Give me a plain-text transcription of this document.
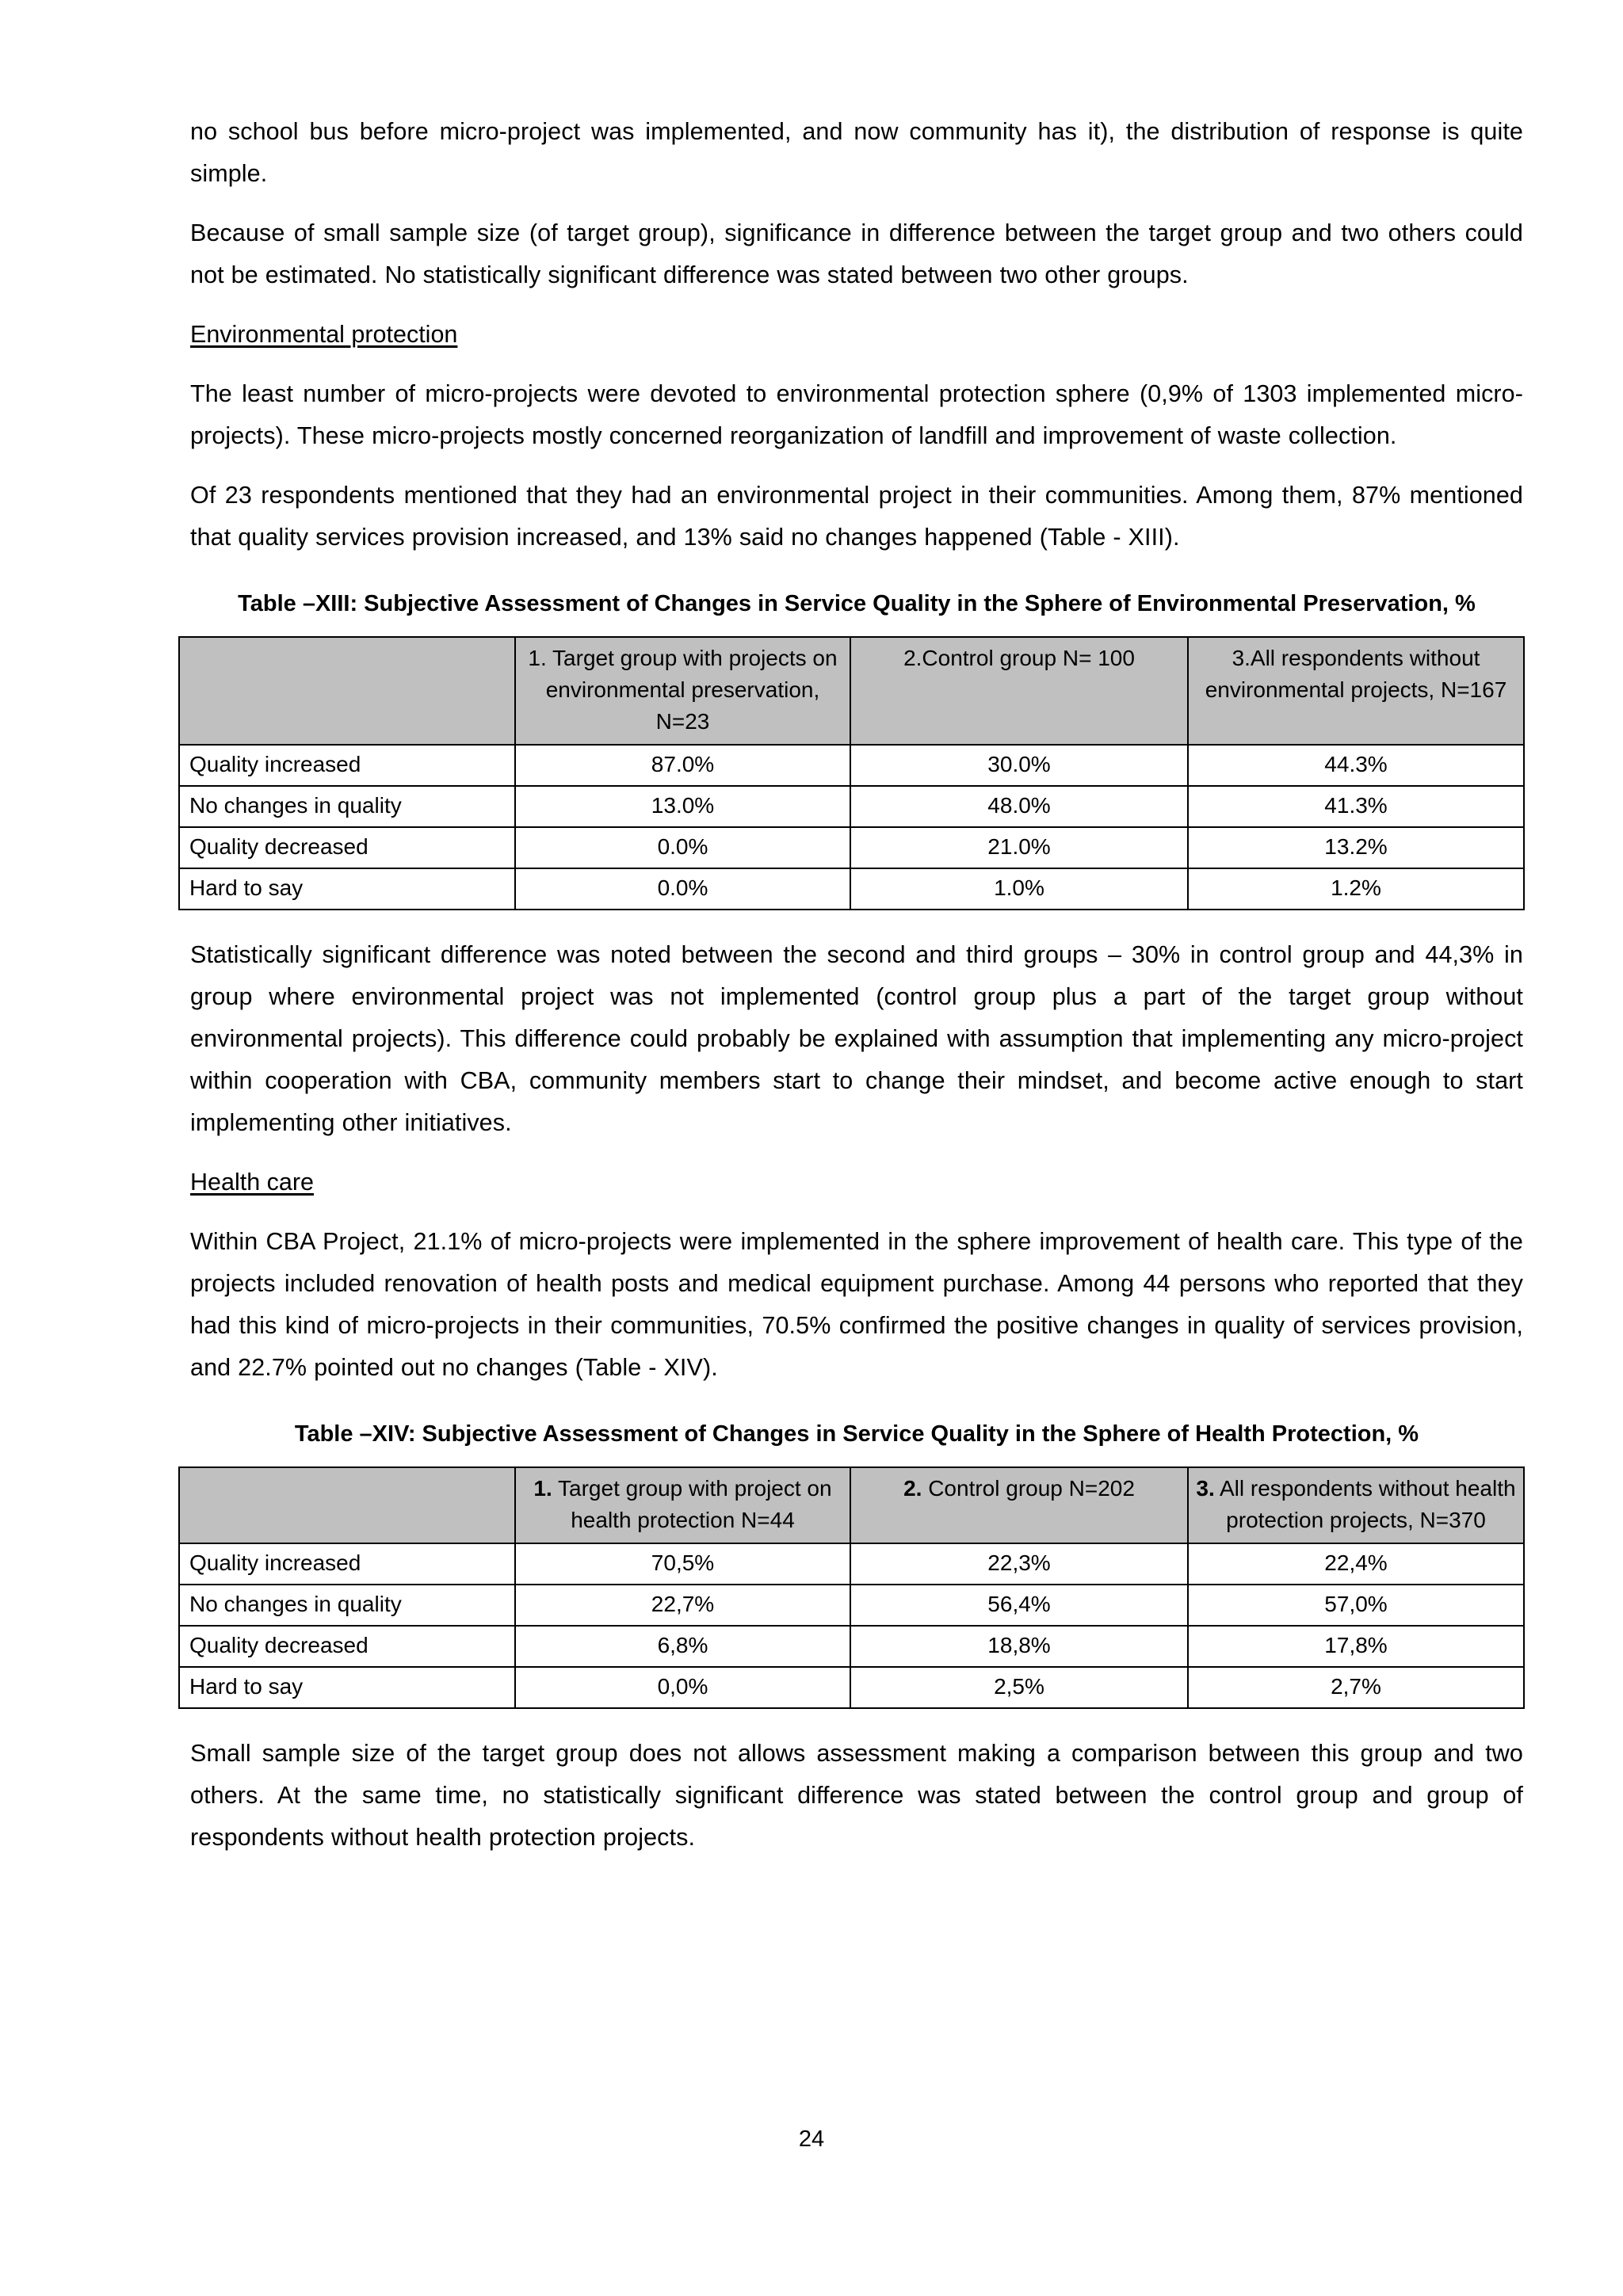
no school bus before micro-project was implemented, and now community has it), the distribution of response is quite simple.

Because of small sample size (of target group), significance in difference between the target group and two others could not be estimated. No statistically significant difference was stated between two other groups.

Environmental protection

The least number of micro-projects were devoted to environmental protection sphere (0,9% of 1303 implemented micro-projects). These micro-projects mostly concerned reorganization of landfill and improvement of waste collection.

Of 23 respondents mentioned that they had an environmental project in their communities. Among them, 87% mentioned that quality services provision increased, and 13% said no changes happened (Table - XIII).

Table –XIII: Subjective Assessment of Changes in Service Quality in the Sphere of Environmental Preservation, %
	1. Target group with projects on environmental preservation, N=23	2.Control group N= 100	3.All respondents without environmental projects, N=167
Quality increased	87.0%	30.0%	44.3%
No changes in quality	13.0%	48.0%	41.3%
Quality decreased	0.0%	21.0%	13.2%
Hard to say	0.0%	1.0%	1.2%

Statistically significant difference was noted between the second and third groups – 30% in control group and 44,3% in group where environmental project was not implemented (control group plus a part of the target group without environmental projects). This difference could probably be explained with assumption that implementing any micro-project within cooperation with CBA, community members start to change their mindset, and become active enough to start implementing other initiatives.

Health care

Within CBA Project, 21.1% of micro-projects were implemented in the sphere improvement of health care. This type of the projects included renovation of health posts and medical equipment purchase. Among 44 persons who reported that they had this kind of micro-projects in their communities, 70.5% confirmed the positive changes in quality of services provision, and 22.7% pointed out no changes (Table - XIV).

Table –XIV: Subjective Assessment of Changes in Service Quality in the Sphere of Health Protection, %
	1. Target group with project on health protection N=44	2. Control group N=202	3. All respondents without health protection projects, N=370
Quality increased	70,5%	22,3%	22,4%
No changes in quality	22,7%	56,4%	57,0%
Quality decreased	6,8%	18,8%	17,8%
Hard to say	0,0%	2,5%	2,7%

Small sample size of the target group does not allows assessment making a comparison between this group and two others. At the same time, no statistically significant difference was stated between the control group and group of respondents without health protection projects.

24
